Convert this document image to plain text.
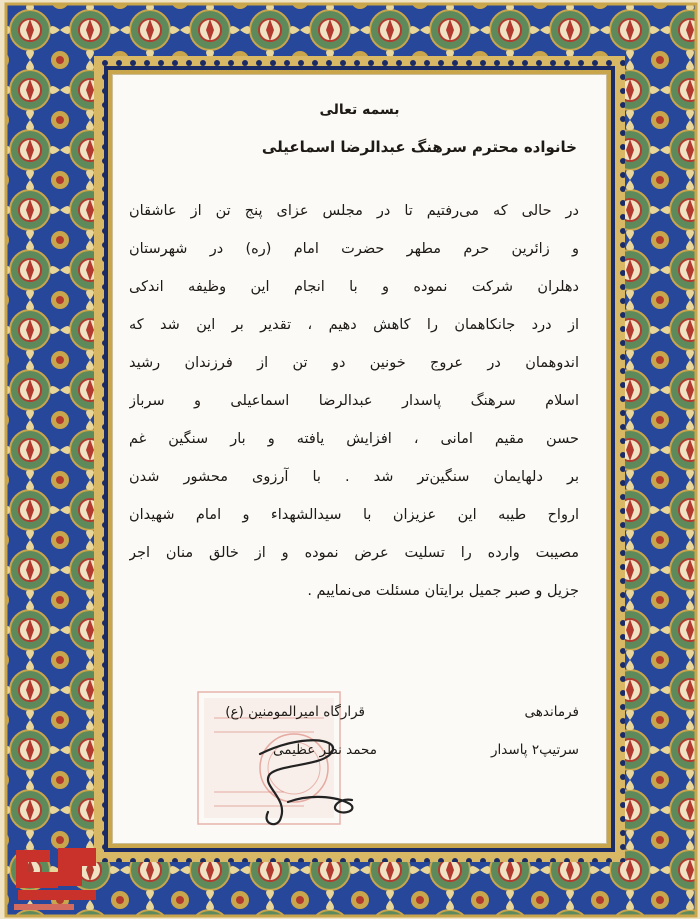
بسمه تعالی

خانواده محترم سرهنگ عبدالرضا اسماعیلی

در حالی که می‌رفتیم تا در مجلس عزای پنج تن از عاشقان
و زائرین حرم مطهر حضرت امام (ره) در شهرستان
دهلران شرکت نموده و با انجام این وظیفه اندکی
از درد جانکاهمان را کاهش دهیم ، تقدیر بر این شد که
اندوهمان در عروج خونین دو تن از فرزندان رشید
اسلام سرهنگ پاسدار عبدالرضا اسماعیلی و سرباز
حسن مقیم امانی ، افزایش یافته و بار سنگین غم
بر دلهایمان سنگین‌تر شد . با آرزوی محشور شدن
ارواح طیبه این عزیزان با سیدالشهداء و امام شهیدان
مصیبت وارده را تسلیت عرض نموده و از خالق منان اجر
جزیل و صبر جمیل برایتان مسئلت می‌نماییم .

فرماندهی

قرارگاه امیرالمومنین (ع)

سرتیپ۲ پاسدار

محمد نظر عظیمی
